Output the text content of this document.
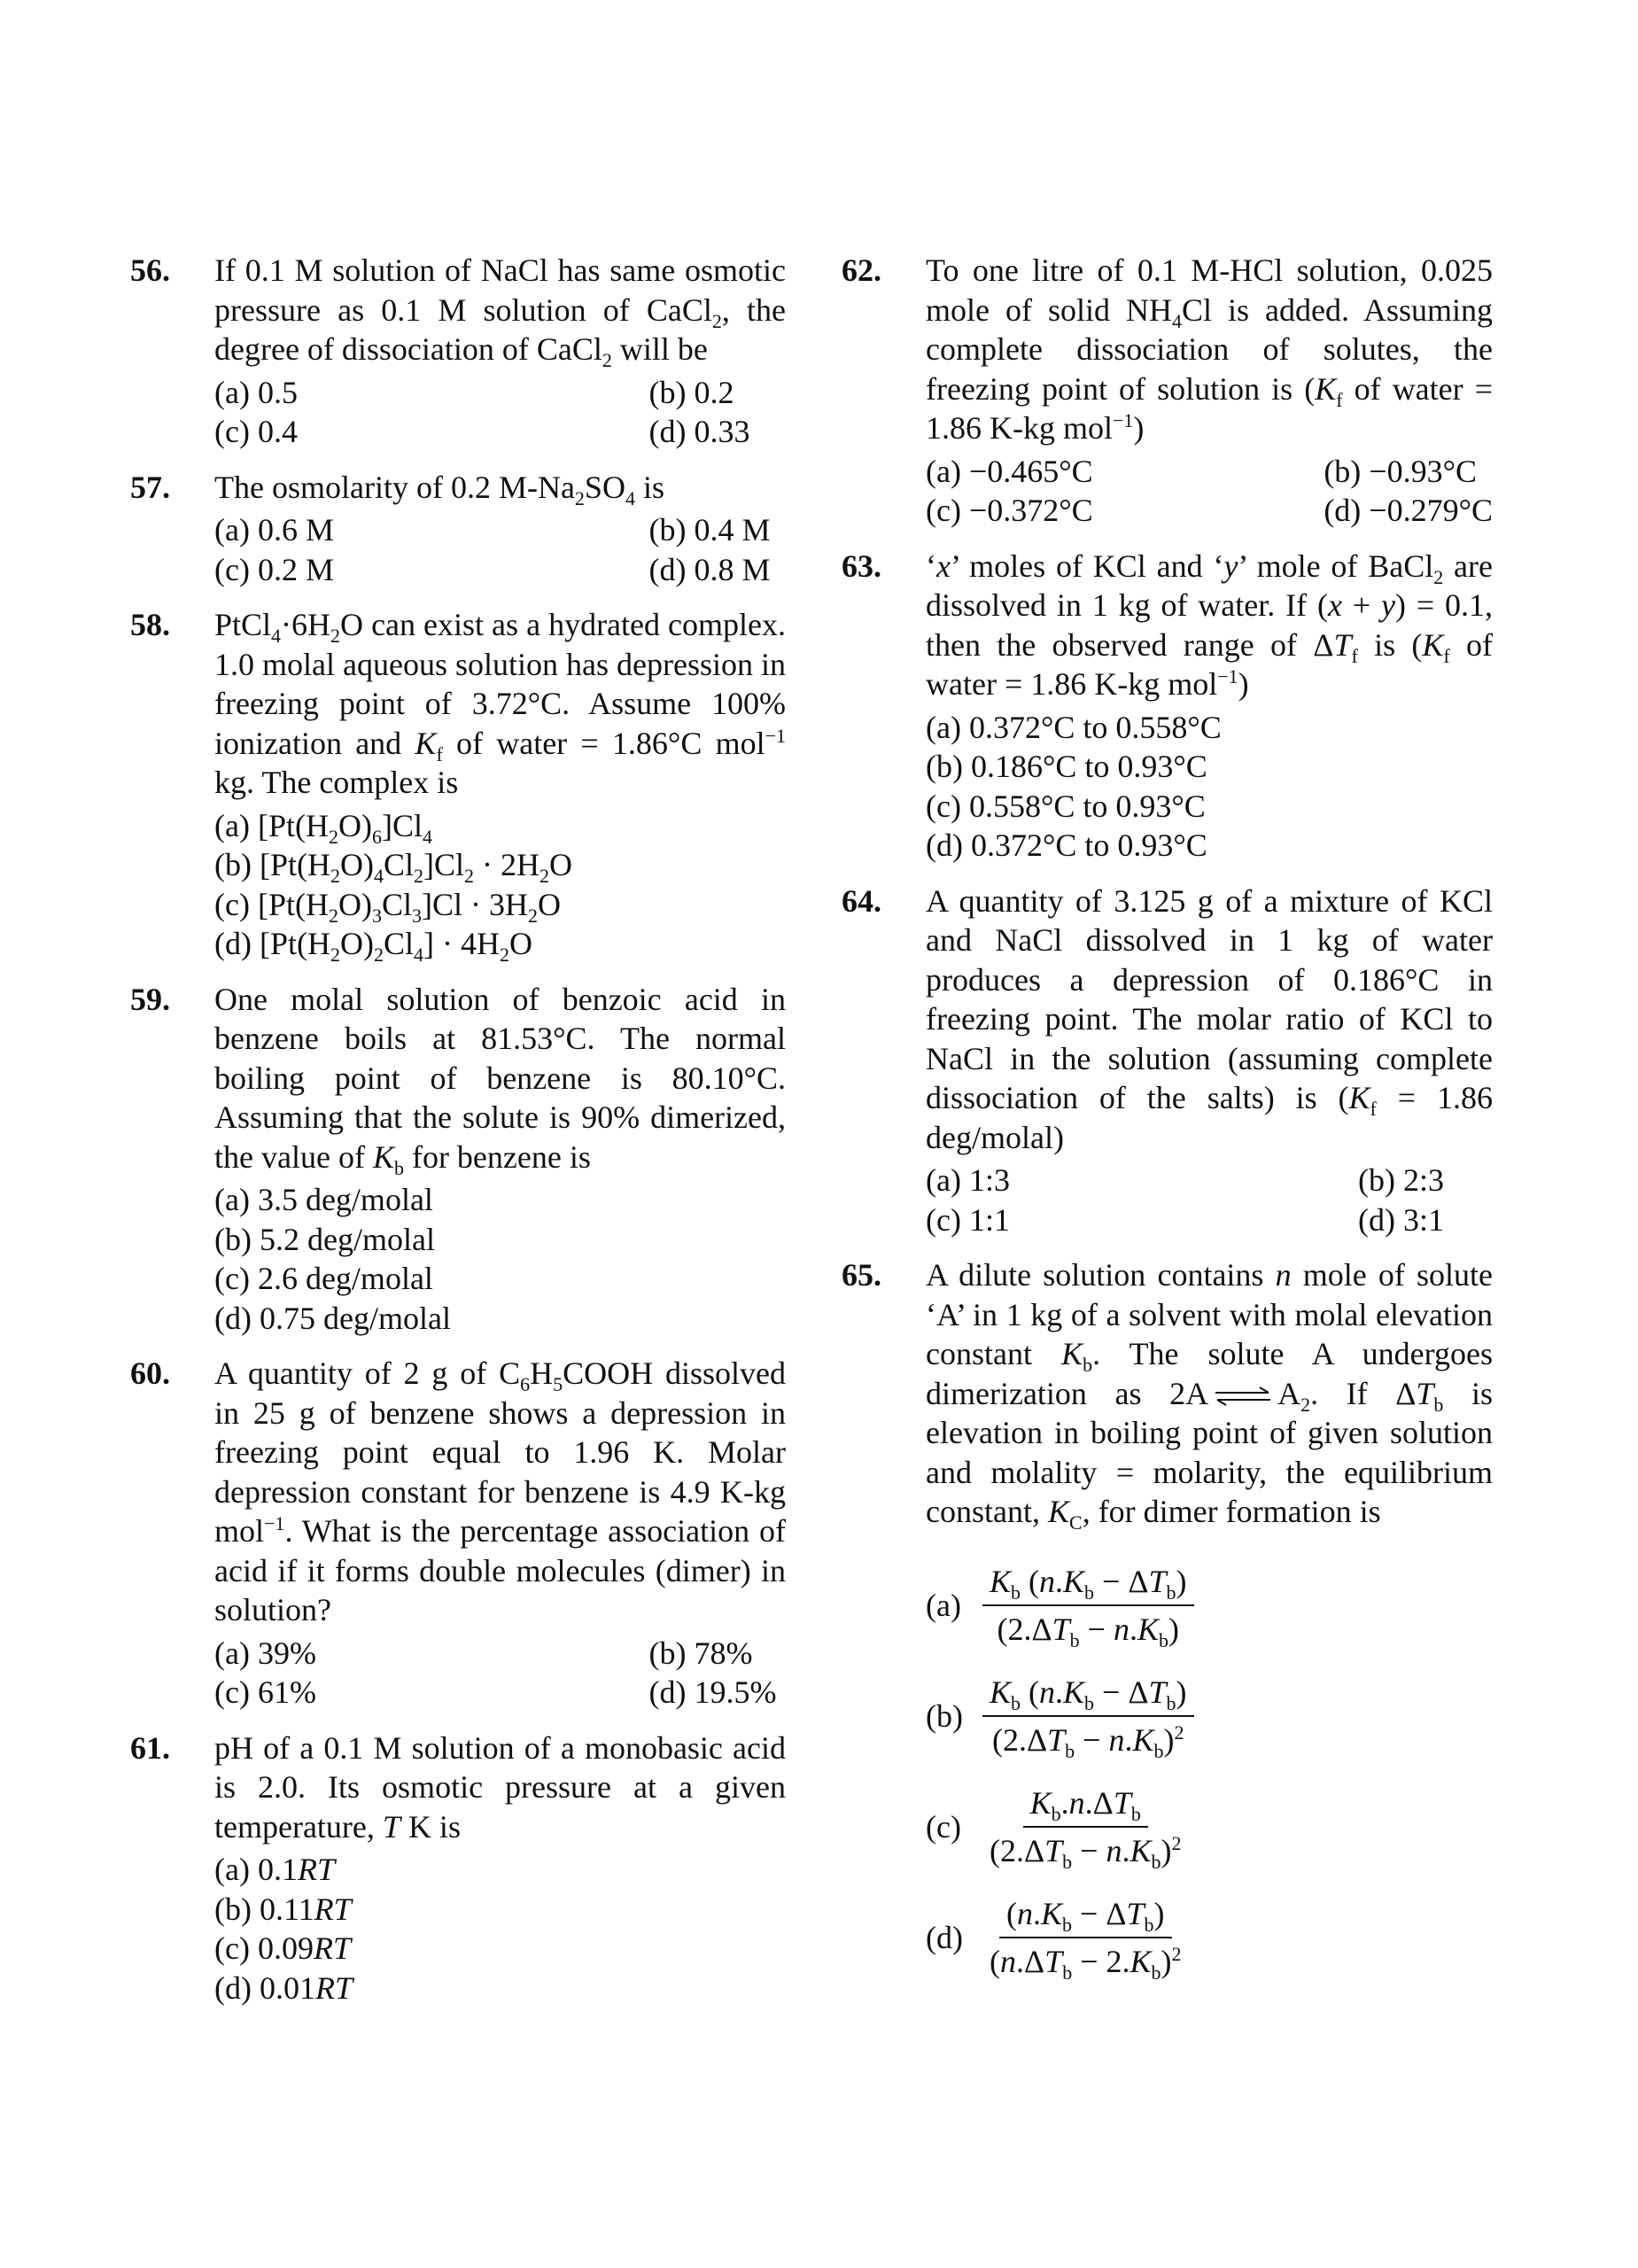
56. If 0.1 M solution of NaCl has same osmotic pressure as 0.1 M solution of CaCl$_2$, the degree of dissociation of CaCl$_2$ will be
(a) 0.5	(b) 0.2
(c) 0.4	(d) 0.33
57. The osmolarity of 0.2 $M-Na_2SO_4$ is
(a) 0.6 M	(b) 0.4 M
(c) 0.2 M	(d) 0.8 M
58. $PtCl_4\cdot 6H_2O$ can exist as a hydrated complex. 1.0 molal aqueous solution has depression in freezing point of 3.72°C. Assume 100% ionization and $K_f$ of water = 1.86°C mol$^{-1}$ kg. The complex is
(a) $[Pt(H_2O)_6]Cl_4$
(b) $[Pt(H_2O)_4Cl_2]Cl_2 \cdot 2H_2O$
(c) $[Pt(H_2O)_3Cl_3]Cl \cdot 3H_2O$
(d) $[Pt(H_2O)_2Cl_4] \cdot 4H_2O$
59. One molal solution of benzoic acid in benzene boils at 81.53°C. The normal boiling point of benzene is 80.10°C. Assuming that the solute is 90% dimerized, the value of $K_b$ for benzene is
(a) 3.5 deg/molal
(b) 5.2 deg/molal
(c) 2.6 deg/molal
(d) 0.75 deg/molal
60. A quantity of 2 g of $C_6H_5COOH$ dissolved in 25 g of benzene shows a depression in freezing point equal to 1.96 K. Molar depression constant for benzene is 4.9 K-kg mol$^{-1}$. What is the percentage association of acid if it forms double molecules (dimer) in solution?
(a) 39%	(b) 78%
(c) 61%	(d) 19.5%
61. pH of a 0.1 M solution of a monobasic acid is 2.0. Its osmotic pressure at a given temperature, T K is
(a) 0.1RT
(b) 0.11RT
(c) 0.09RT
(d) 0.01RT
62. To one litre of 0.1 M-HCl solution, 0.025 mole of solid $NH_4Cl$ is added. Assuming complete dissociation of solutes, the freezing point of solution is ($K_f$ of water = 1.86 K-kg mol$^{-1}$)
(a) −0.465°C	(b) −0.93°C
(c) −0.372°C	(d) −0.279°C
63. ‘x’ moles of KCl and ‘y’ mole of BaCl$_2$ are dissolved in 1 kg of water. If (x + y) = 0.1, then the observed range of $\Delta T_f$ is ($K_f$ of water = 1.86 K-kg mol$^{-1}$)
(a) 0.372°C to 0.558°C
(b) 0.186°C to 0.93°C
(c) 0.558°C to 0.93°C
(d) 0.372°C to 0.93°C
64. A quantity of 3.125 g of a mixture of KCl and NaCl dissolved in 1 kg of water produces a depression of 0.186°C in freezing point. The molar ratio of KCl to NaCl in the solution (assuming complete dissociation of the salts) is ($K_f = 1.86$ deg/molal)
(a) 1:3	(b) 2:3
(c) 1:1	(d) 3:1
65. A dilute solution contains n mole of solute ‘A’ in 1 kg of a solvent with molal elevation constant $K_b$. The solute A undergoes dimerization as 2A ⇌ $A_2$. If $\Delta T_b$ is elevation in boiling point of given solution and molality = molarity, the equilibrium constant, $K_C$, for dimer formation is
$(a) \frac{K_b (n.K_b - \Delta T_b)}{(2.\Delta T_b - n.K_b)}$
$(b) \frac{K_b (n.K_b - \Delta T_b)}{(2.\Delta T_b - n.K_b)^2}$
$(c) \frac{K_b.n.\Delta T_b}{(2.\Delta T_b - n.K_b)^2}$
$(d) \frac{(n.K_b - \Delta T_b)}{(n.\Delta T_b - 2.K_b)^2}$
